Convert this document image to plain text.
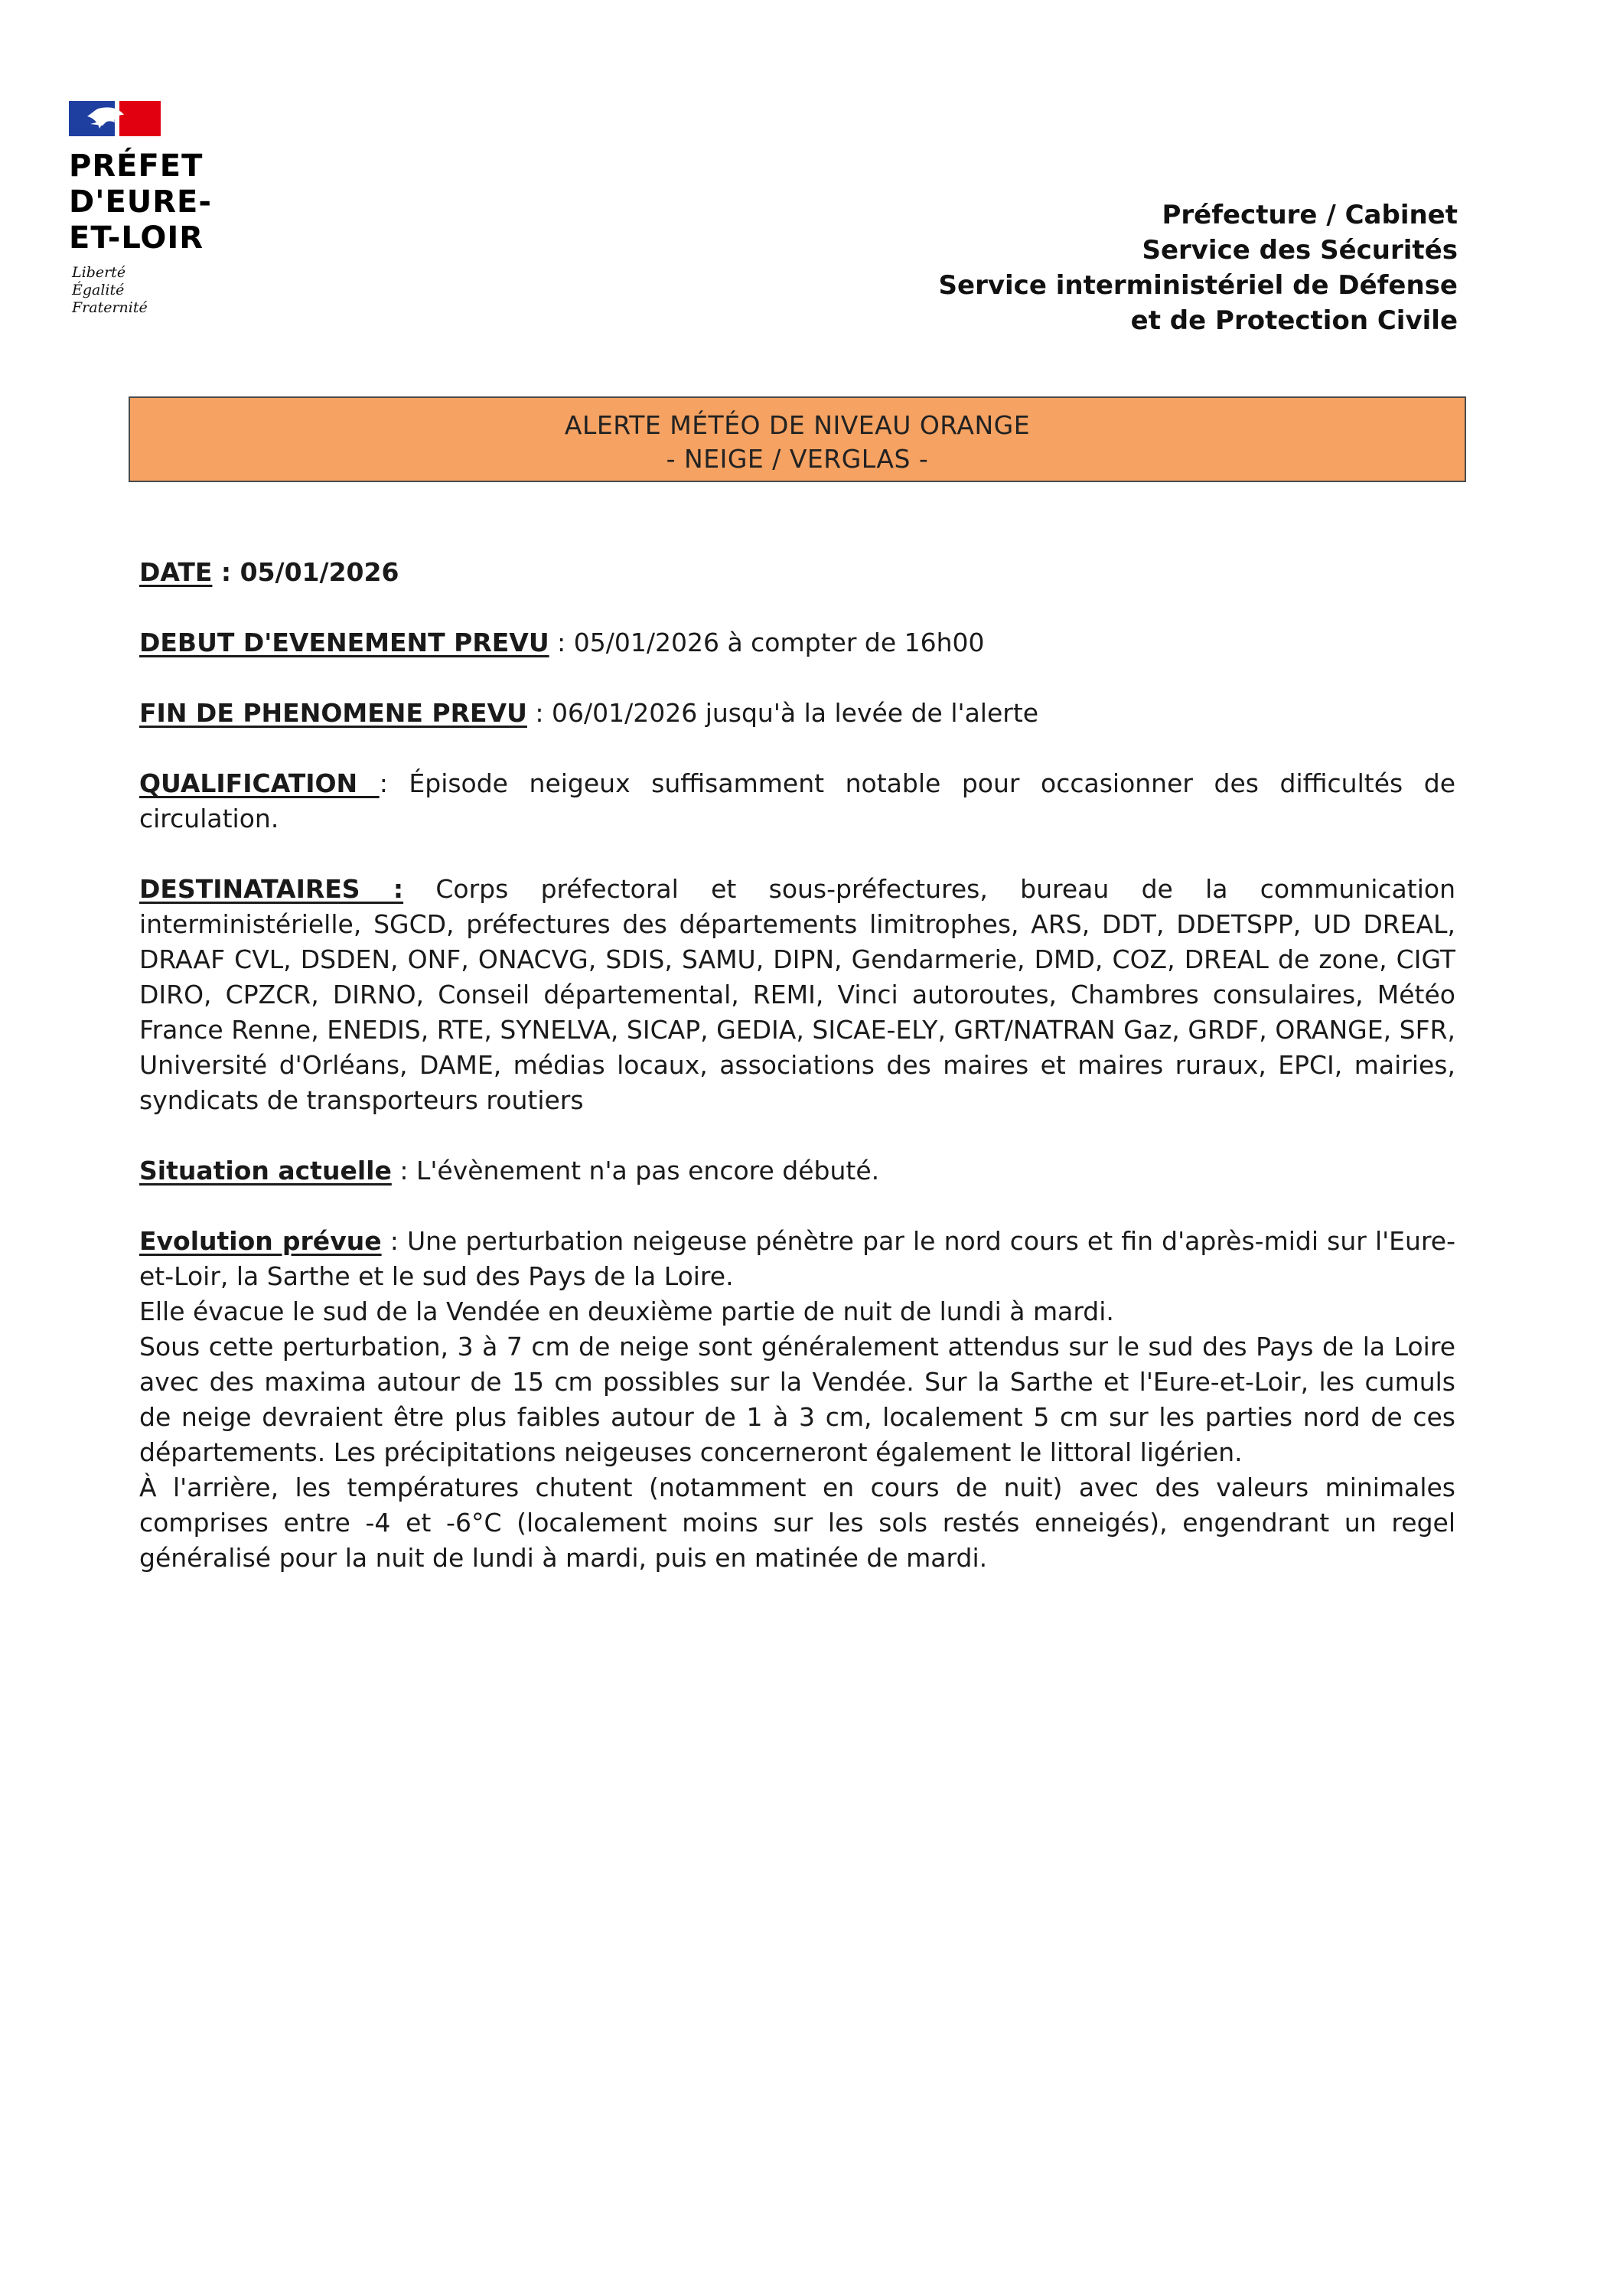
PRÉFET
D'EURE-
ET-LOIR
Liberté
Égalité
Fraternité
Préfecture / Cabinet
Service des Sécurités
Service interministériel de Défense
et de Protection Civile
ALERTE MÉTÉO DE NIVEAU ORANGE
- NEIGE / VERGLAS -

DATE : 05/01/2026

DEBUT D'EVENEMENT PREVU : 05/01/2026 à compter de 16h00

FIN DE PHENOMENE PREVU : 06/01/2026 jusqu'à la levée de l'alerte

QUALIFICATION : Épisode neigeux suffisamment notable pour occasionner des difficultés de circulation.

DESTINATAIRES : Corps préfectoral et sous-préfectures, bureau de la communication interministérielle, SGCD, préfectures des départements limitrophes, ARS, DDT, DDETSPP, UD DREAL, DRAAF CVL, DSDEN, ONF, ONACVG, SDIS, SAMU, DIPN, Gendarmerie, DMD, COZ, DREAL de zone, CIGT DIRO, CPZCR, DIRNO, Conseil départemental, REMI, Vinci autoroutes, Chambres consulaires, Météo France Renne, ENEDIS, RTE, SYNELVA, SICAP, GEDIA, SICAE-ELY, GRT/NATRAN Gaz, GRDF, ORANGE, SFR, Université d'Orléans, DAME, médias locaux, associations des maires et maires ruraux, EPCI, mairies, syndicats de transporteurs routiers

Situation actuelle : L'évènement n'a pas encore débuté.

Evolution prévue : Une perturbation neigeuse pénètre par le nord cours et fin d'après-midi sur l'Eure-et-Loir, la Sarthe et le sud des Pays de la Loire.
Elle évacue le sud de la Vendée en deuxième partie de nuit de lundi à mardi.
Sous cette perturbation, 3 à 7 cm de neige sont généralement attendus sur le sud des Pays de la Loire avec des maxima autour de 15 cm possibles sur la Vendée. Sur la Sarthe et l'Eure-et-Loir, les cumuls de neige devraient être plus faibles autour de 1 à 3 cm, localement 5 cm sur les parties nord de ces départements. Les précipitations neigeuses concerneront également le littoral ligérien.
À l'arrière, les températures chutent (notamment en cours de nuit) avec des valeurs minimales comprises entre -4 et -6°C (localement moins sur les sols restés enneigés), engendrant un regel généralisé pour la nuit de lundi à mardi, puis en matinée de mardi.
